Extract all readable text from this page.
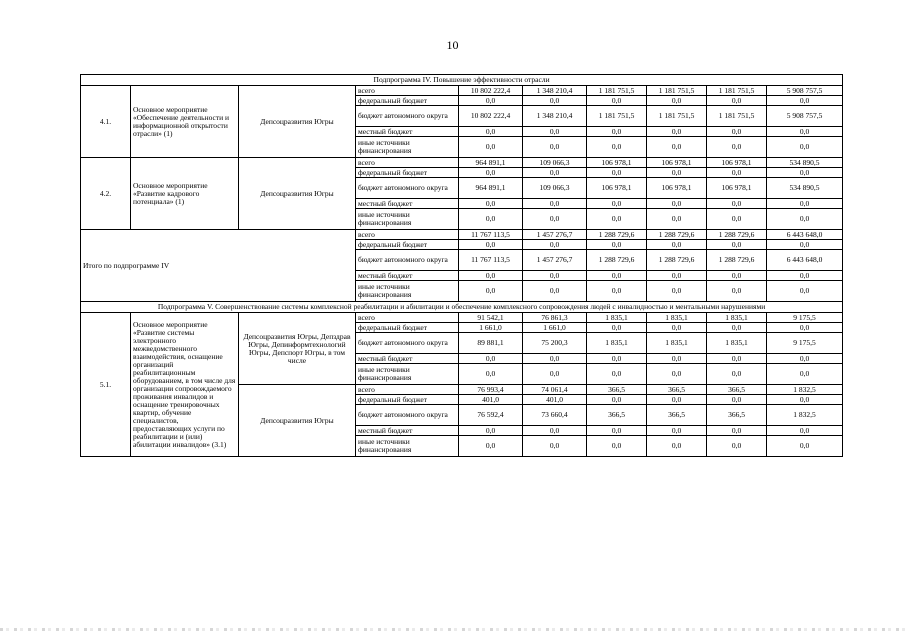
10
Подпрограмма IV. Повышение эффективности отрасли									
4.1.	Основное мероприятие «Обеспечение деятельности и информационной открытости отрасли» (1)	Депсоцразвития Югры	всего	10 802 222,4	1 348 210,4	1 181 751,5	1 181 751,5	1 181 751,5	5 908 757,5
			федеральный бюджет	0,0	0,0	0,0	0,0	0,0	0,0
			бюджет автономного округа	10 802 222,4	1 348 210,4	1 181 751,5	1 181 751,5	1 181 751,5	5 908 757,5
			местный бюджет	0,0	0,0	0,0	0,0	0,0	0,0
			иные источники финансирования	0,0	0,0	0,0	0,0	0,0	0,0
4.2.	Основное мероприятие «Развитие кадрового потенциала» (1)	Депсоцразвития Югры	всего	964 891,1	109 066,3	106 978,1	106 978,1	106 978,1	534 890,5
			федеральный бюджет	0,0	0,0	0,0	0,0	0,0	0,0
			бюджет автономного округа	964 891,1	109 066,3	106 978,1	106 978,1	106 978,1	534 890,5
			местный бюджет	0,0	0,0	0,0	0,0	0,0	0,0
			иные источники финансирования	0,0	0,0	0,0	0,0	0,0	0,0
Итого по подпрограмме IV			всего	11 767 113,5	1 457 276,7	1 288 729,6	1 288 729,6	1 288 729,6	6 443 648,0
			федеральный бюджет	0,0	0,0	0,0	0,0	0,0	0,0
			бюджет автономного округа	11 767 113,5	1 457 276,7	1 288 729,6	1 288 729,6	1 288 729,6	6 443 648,0
			местный бюджет	0,0	0,0	0,0	0,0	0,0	0,0
			иные источники финансирования	0,0	0,0	0,0	0,0	0,0	0,0
Подпрограмма V. Совершенствование системы комплексной реабилитации и абилитации и обеспечение комплексного сопровождения людей с инвалидностью и ментальными нарушениями									
5.1.	Основное мероприятие «Развитие системы электронного межведомственного взаимодействия, оснащение организаций реабилитационным оборудованием, в том числе для организации сопровождаемого проживания инвалидов и оснащение тренировочных квартир, обучение специалистов, предоставляющих услуги по реабилитации и (или) абилитации инвалидов» (3.1)	Депсоцразвития Югры, Депздрав Югры, Депинформтехнологий Югры, Депспорт Югры, в том числе	всего	91 542,1	76 861,3	1 835,1	1 835,1	1 835,1	9 175,5
			федеральный бюджет	1 661,0	1 661,0	0,0	0,0	0,0	0,0
			бюджет автономного округа	89 881,1	75 200,3	1 835,1	1 835,1	1 835,1	9 175,5
			местный бюджет	0,0	0,0	0,0	0,0	0,0	0,0
			иные источники финансирования	0,0	0,0	0,0	0,0	0,0	0,0
		Депсоцразвития Югры	всего	76 993,4	74 061,4	366,5	366,5	366,5	1 832,5
			федеральный бюджет	401,0	401,0	0,0	0,0	0,0	0,0
			бюджет автономного округа	76 592,4	73 660,4	366,5	366,5	366,5	1 832,5
			местный бюджет	0,0	0,0	0,0	0,0	0,0	0,0
			иные источники финансирования	0,0	0,0	0,0	0,0	0,0	0,0
